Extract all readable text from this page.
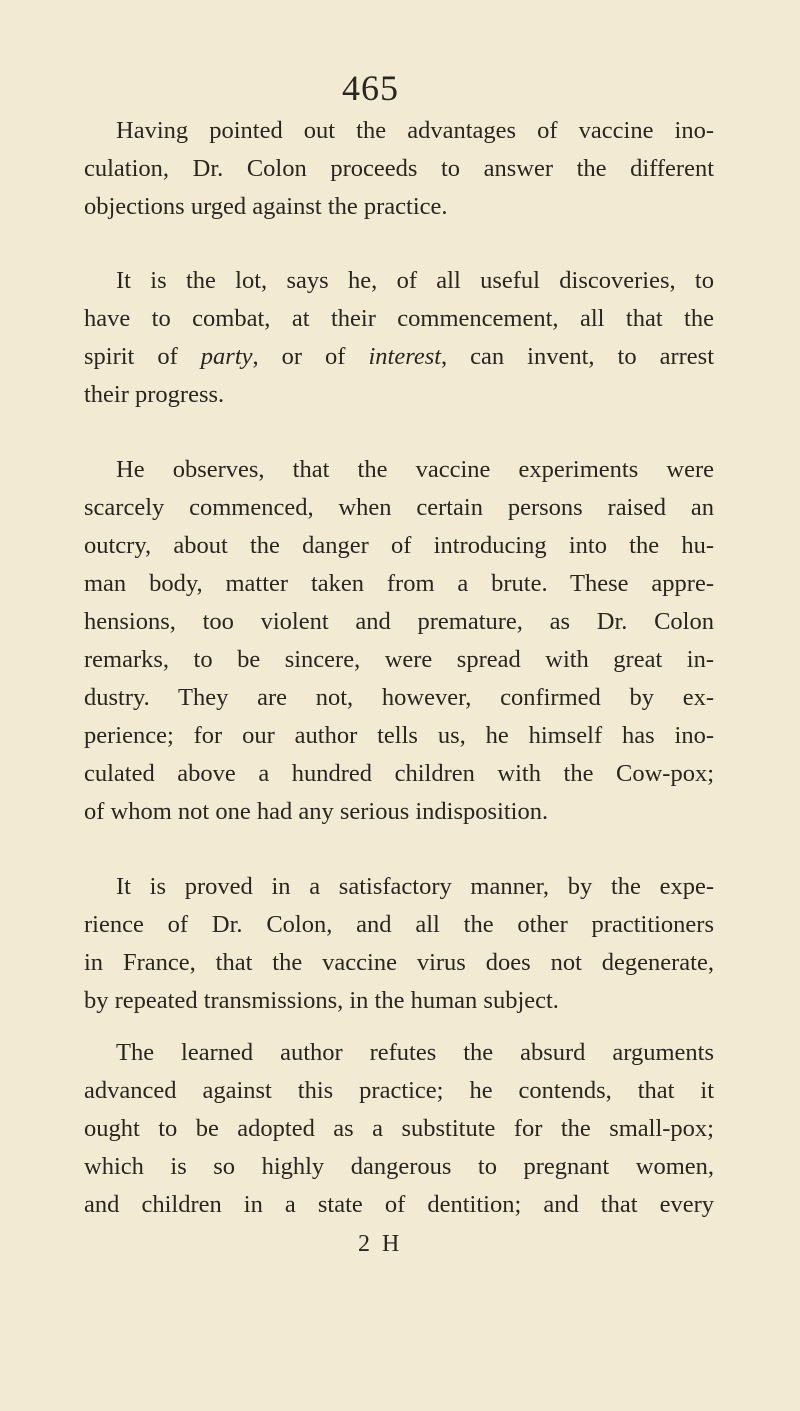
465
Having pointed out the advantages of vaccine ino-
culation, Dr. Colon proceeds to answer the different
objections urged against the practice.
It is the lot, says he, of all useful discoveries, to
have to combat, at their commencement, all that the
spirit of party, or of interest, can invent, to arrest
their progress.
He observes, that the vaccine experiments were
scarcely commenced, when certain persons raised an
outcry, about the danger of introducing into the hu-
man body, matter taken from a brute. These appre-
hensions, too violent and premature, as Dr. Colon
remarks, to be sincere, were spread with great in-
dustry. They are not, however, confirmed by ex-
perience; for our author tells us, he himself has ino-
culated above a hundred children with the Cow-pox;
of whom not one had any serious indisposition.
It is proved in a satisfactory manner, by the expe-
rience of Dr. Colon, and all the other practitioners
in France, that the vaccine virus does not degenerate,
by repeated transmissions, in the human subject.
The learned author refutes the absurd arguments
advanced against this practice; he contends, that it
ought to be adopted as a substitute for the small-pox;
which is so highly dangerous to pregnant women,
and children in a state of dentition; and that every
2 H
